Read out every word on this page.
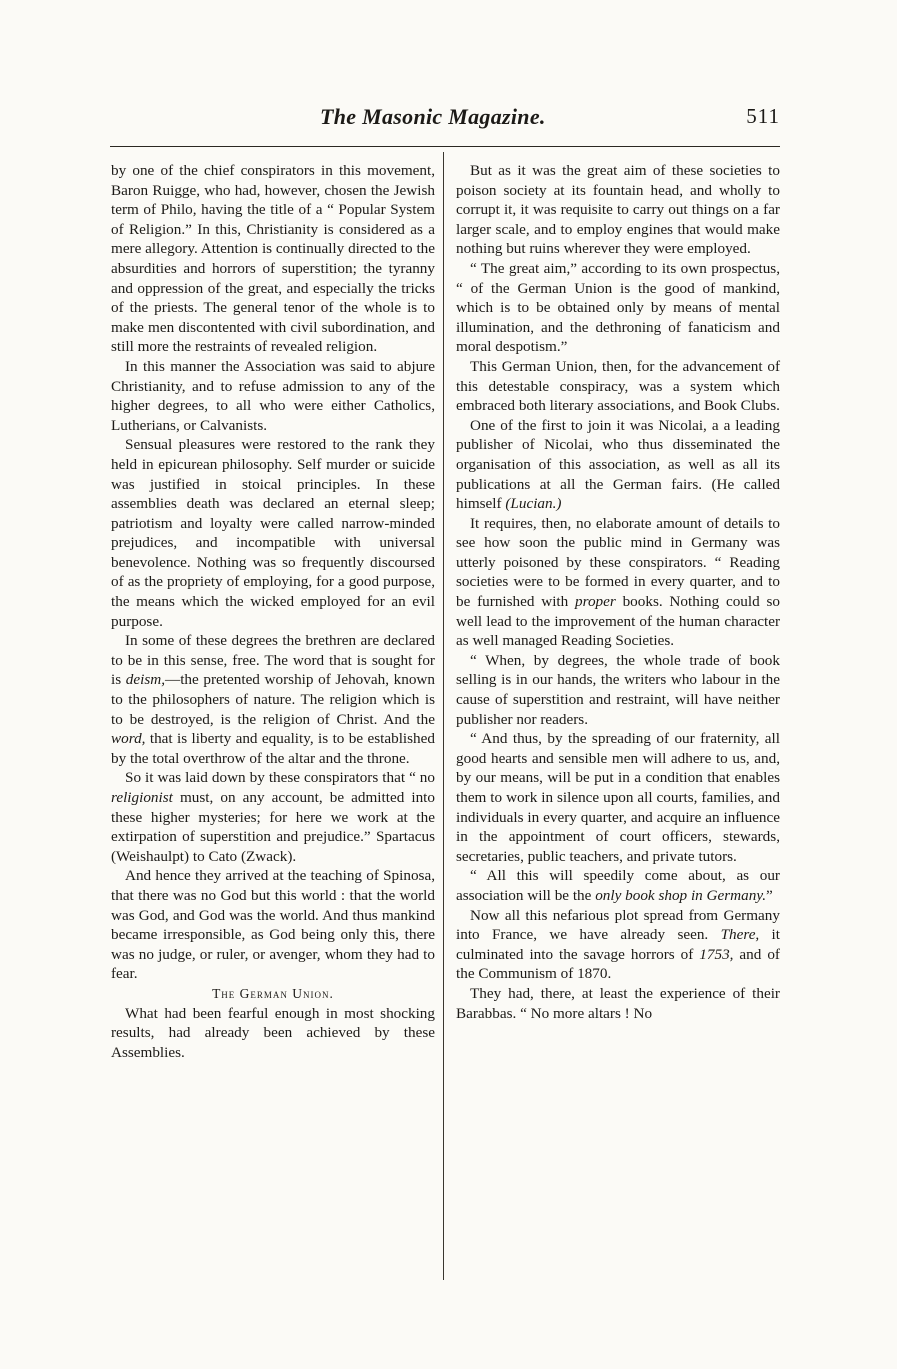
The Masonic Magazine.	511

by one of the chief conspirators in this movement, Baron Ruigge, who had, however, chosen the Jewish term of Philo, having the title of a “ Popular System of Religion.” In this, Christianity is considered as a mere allegory. Attention is continually directed to the absurdities and horrors of superstition; the tyranny and oppression of the great, and especially the tricks of the priests. The general tenor of the whole is to make men discontented with civil subordination, and still more the restraints of revealed religion.

In this manner the Association was said to abjure Christianity, and to refuse admission to any of the higher degrees, to all who were either Catholics, Lutherians, or Calvanists.

Sensual pleasures were restored to the rank they held in epicurean philosophy. Self murder or suicide was justified in stoical principles. In these assemblies death was declared an eternal sleep; patriotism and loyalty were called narrow-minded prejudices, and incompatible with universal benevolence. Nothing was so frequently discoursed of as the propriety of employing, for a good purpose, the means which the wicked employed for an evil purpose.

In some of these degrees the brethren are declared to be in this sense, free. The word that is sought for is deism,—the pretented worship of Jehovah, known to the philosophers of nature. The religion which is to be destroyed, is the religion of Christ. And the word, that is liberty and equality, is to be established by the total overthrow of the altar and the throne.

So it was laid down by these conspirators that “ no religionist must, on any account, be admitted into these higher mysteries; for here we work at the extirpation of superstition and prejudice.” Spartacus (Weishaulpt) to Cato (Zwack).

And hence they arrived at the teaching of Spinosa, that there was no God but this world : that the world was God, and God was the world. And thus mankind became irresponsible, as God being only this, there was no judge, or ruler, or avenger, whom they had to fear.

The German Union.

What had been fearful enough in most shocking results, had already been achieved by these Assemblies.

But as it was the great aim of these societies to poison society at its fountain head, and wholly to corrupt it, it was requisite to carry out things on a far larger scale, and to employ engines that would make nothing but ruins wherever they were employed.

“ The great aim,” according to its own prospectus, “ of the German Union is the good of mankind, which is to be obtained only by means of mental illumination, and the dethroning of fanaticism and moral despotism.”

This German Union, then, for the advancement of this detestable conspiracy, was a system which embraced both literary associations, and Book Clubs.

One of the first to join it was Nicolai, a a leading publisher of Nicolai, who thus disseminated the organisation of this association, as well as all its publications at all the German fairs. (He called himself (Lucian.)

It requires, then, no elaborate amount of details to see how soon the public mind in Germany was utterly poisoned by these conspirators. “ Reading societies were to be formed in every quarter, and to be furnished with proper books. Nothing could so well lead to the improvement of the human character as well managed Reading Societies.

“ When, by degrees, the whole trade of book selling is in our hands, the writers who labour in the cause of superstition and restraint, will have neither publisher nor readers.

“ And thus, by the spreading of our fraternity, all good hearts and sensible men will adhere to us, and, by our means, will be put in a condition that enables them to work in silence upon all courts, families, and individuals in every quarter, and acquire an influence in the appointment of court officers, stewards, secretaries, public teachers, and private tutors.

“ All this will speedily come about, as our association will be the only book shop in Germany.”

Now all this nefarious plot spread from Germany into France, we have already seen. There, it culminated into the savage horrors of 1753, and of the Communism of 1870.

They had, there, at least the experience of their Barabbas. “ No more altars ! No
